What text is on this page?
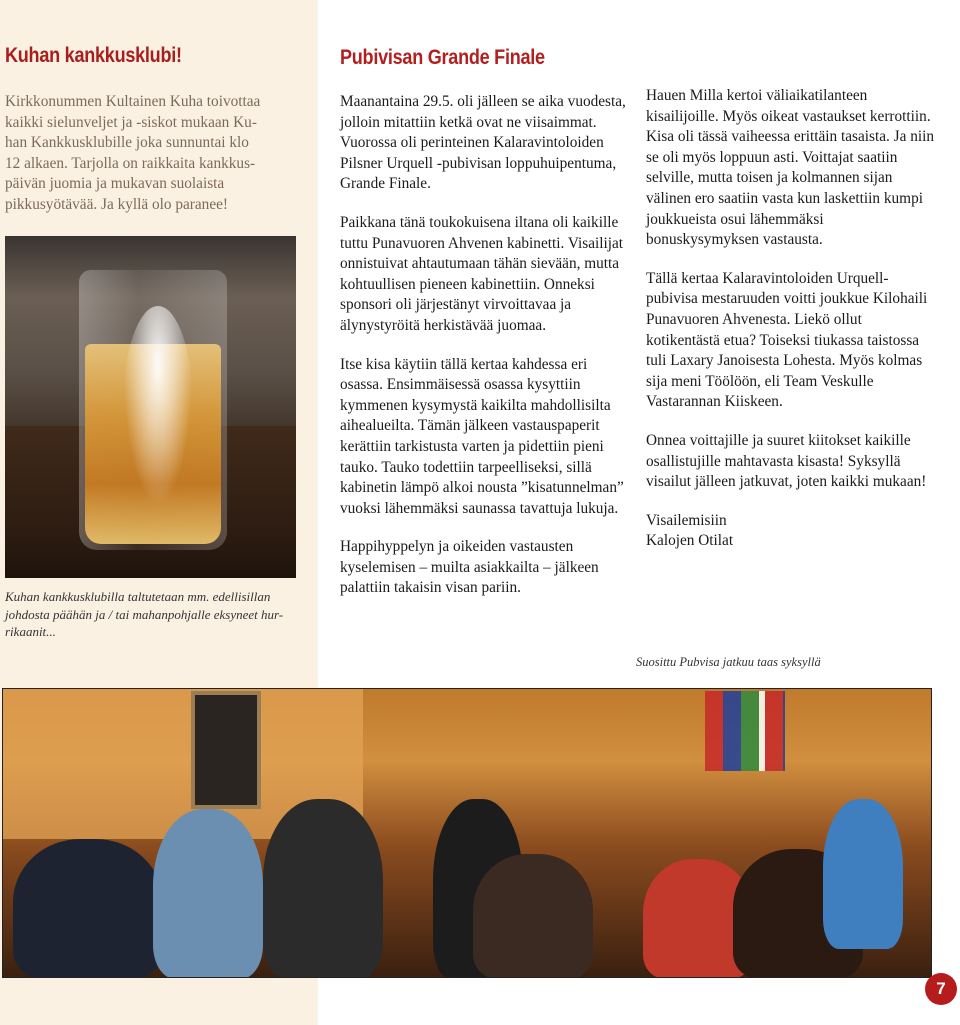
Kuhan kankkusklubi!

Kirkkonummen Kultainen Kuha toivottaa

kaikki sielunveljet ja -siskot mukaan Ku-

han Kankkusklubille joka sunnuntai klo

12 alkaen. Tarjolla on raikkaita kankkus-

päivän juomia ja mukavan suolaista

pikkusyötävää. Ja kyllä olo paranee!

Kuhan kankkusklubilla taltutetaan mm. edellisillan
johdosta päähän ja / tai mahanpohjalle eksyneet hur-
rikaanit...
Pubivisan Grande Finale

Maanantaina 29.5. oli jälleen se aika vuodesta, jolloin mitattiin ketkä ovat ne viisaimmat. Vuorossa oli perinteinen Kalaravintoloiden Pilsner Urquell -pubivisan loppuhuipentuma, Grande Finale.

Paikkana tänä toukokuisena iltana oli kaikille tuttu Punavuoren Ahvenen kabinetti. Visailijat onnistuivat ahtautumaan tähän sievään, mutta kohtuullisen pieneen kabinettiin. Onneksi sponsori oli järjestänyt virvoittavaa ja älynystyröitä herkistävää juomaa.

Itse kisa käytiin tällä kertaa kahdessa eri osassa. Ensimmäisessä osassa kysyttiin kymmenen kysymystä kaikilta mahdollisilta aihealueilta. Tämän jälkeen vastauspaperit kerättiin tarkistusta varten ja pidettiin pieni tauko. Tauko todettiin tarpeelliseksi, sillä kabinetin lämpö alkoi nousta ”kisatunnelman” vuoksi lähemmäksi saunassa tavattuja lukuja.

Happihyppelyn ja oikeiden vastausten kyselemisen – muilta asiakkailta – jälkeen palattiin takaisin visan pariin.

Hauen Milla kertoi väliaikatilanteen kisailijoille. Myös oikeat vastaukset kerrottiin. Kisa oli tässä vaiheessa erittäin tasaista. Ja niin se oli myös loppuun asti. Voittajat saatiin selville, mutta toisen ja kolmannen sijan välinen ero saatiin vasta kun laskettiin kumpi joukkueista osui lähemmäksi bonuskysymyksen vastausta.

Tällä kertaa Kalaravintoloiden Urquell-pubivisa mestaruuden voitti joukkue Kilohaili Punavuoren Ahvenesta. Liekö ollut kotikentästä etua? Toiseksi tiukassa taistossa tuli Laxary Janoisesta Lohesta. Myös kolmas sija meni Töölöön, eli Team Veskulle Vastarannan Kiiskeen.

Onnea voittajille ja suuret kiitokset kaikille osallistujille mahtavasta kisasta! Syksyllä visailut jälleen jatkuvat, joten kaikki mukaan!

Visailemisiin
Kalojen Otilat

Suosittu Pubvisa jatkuu taas syksyllä
7
